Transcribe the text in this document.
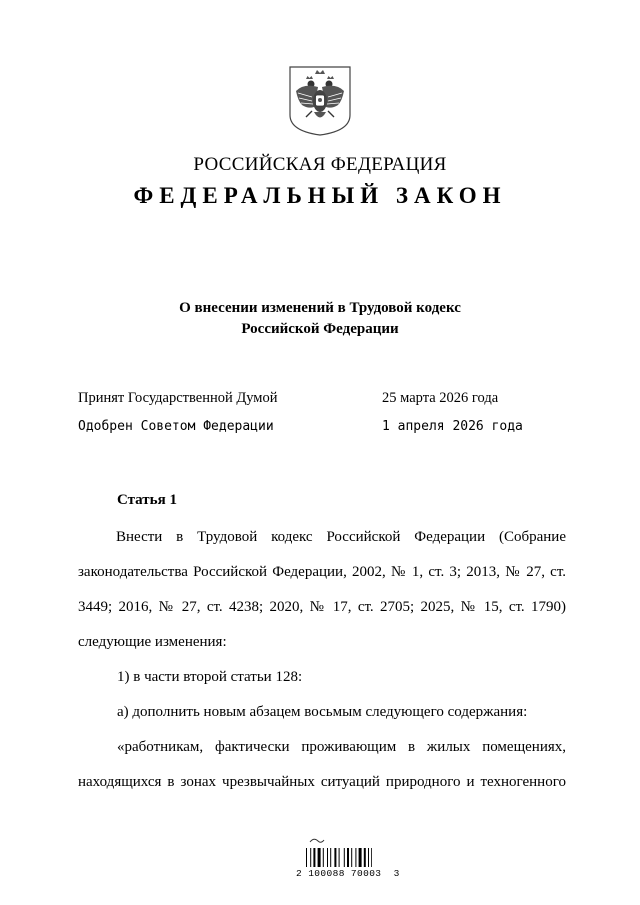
РОССИЙСКАЯ ФЕДЕРАЦИЯ
ФЕДЕРАЛЬНЫЙ ЗАКОН
О внесении изменений в Трудовой кодекс
Российской Федерации
Принят Государственной Думой	25 марта 2026 года
Одобрен Советом Федерации	1 апреля 2026 года
Статья 1
Внести в Трудовой кодекс Российской Федерации (Собрание законодательства Российской Федерации, 2002, № 1, ст. 3; 2013, № 27, ст. 3449; 2016, № 27, ст. 4238; 2020, № 17, ст. 2705; 2025, № 15, ст. 1790) следующие изменения:
1) в части второй статьи 128:
а) дополнить новым абзацем восьмым следующего содержания:
«работникам, фактически проживающим в жилых помещениях,
находящихся в зонах чрезвычайных ситуаций природного и техногенного
2 100088 70003  3
